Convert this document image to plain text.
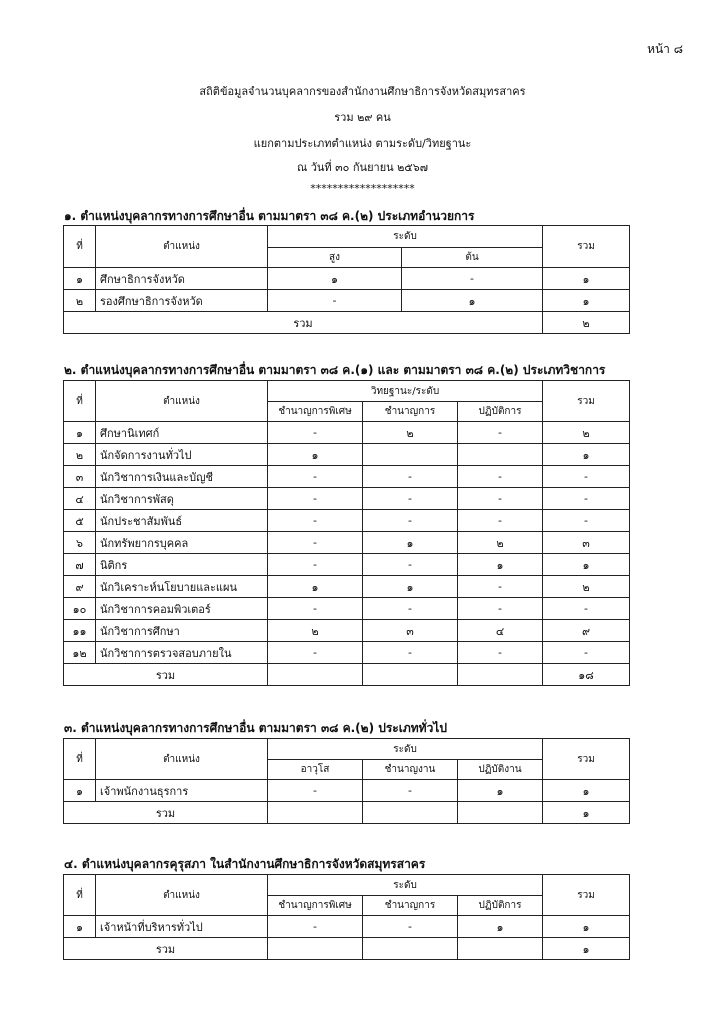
หน้า ๘
สถิติข้อมูลจำนวนบุคลากรของสำนักงานศึกษาธิการจังหวัดสมุทรสาคร
รวม ๒๙ คน
แยกตามประเภทตำแหน่ง ตามระดับ/วิทยฐานะ
ณ วันที่ ๓๐ กันยายน ๒๕๖๗
*******************
๑. ตำแหน่งบุคลากรทางการศึกษาอื่น ตามมาตรา ๓๘ ค.(๒) ประเภทอำนวยการ
ที่	ตำแหน่ง	ระดับ		รวม
		สูง	ต้น	
๑	ศึกษาธิการจังหวัด	๑	-	๑
๒	รองศึกษาธิการจังหวัด	-	๑	๑
รวม				๒
๒. ตำแหน่งบุคลากรทางการศึกษาอื่น ตามมาตรา ๓๘ ค.(๑) และ ตามมาตรา ๓๘ ค.(๒) ประเภทวิชาการ
ที่	ตำแหน่ง	วิทยฐานะ/ระดับ			รวม
		ชำนาญการพิเศษ	ชำนาญการ	ปฏิบัติการ	
๑	ศึกษานิเทศก์	-	๒	-	๒
๒	นักจัดการงานทั่วไป	๑			๑
๓	นักวิชาการเงินและบัญชี	-	-	-	-
๔	นักวิชาการพัสดุ	-	-	-	-
๕	นักประชาสัมพันธ์	-	-	-	-
๖	นักทรัพยากรบุคคล	-	๑	๒	๓
๗	นิติกร	-	-	๑	๑
๙	นักวิเคราะห์นโยบายและแผน	๑	๑	-	๒
๑๐	นักวิชาการคอมพิวเตอร์	-	-	-	-
๑๑	นักวิชาการศึกษา	๒	๓	๔	๙
๑๒	นักวิชาการตรวจสอบภายใน	-	-	-	-
รวม					๑๘
๓. ตำแหน่งบุคลากรทางการศึกษาอื่น ตามมาตรา ๓๘ ค.(๒) ประเภททั่วไป
ที่	ตำแหน่ง	ระดับ			รวม
		อาวุโส	ชำนาญงาน	ปฏิบัติงาน	
๑	เจ้าพนักงานธุรการ	-	-	๑	๑
รวม					๑
๔. ตำแหน่งบุคลากรคุรุสภา ในสำนักงานศึกษาธิการจังหวัดสมุทรสาคร
ที่	ตำแหน่ง	ระดับ			รวม
		ชำนาญการพิเศษ	ชำนาญการ	ปฏิบัติการ	
๑	เจ้าหน้าที่บริหารทั่วไป	-	-	๑	๑
รวม					๑
